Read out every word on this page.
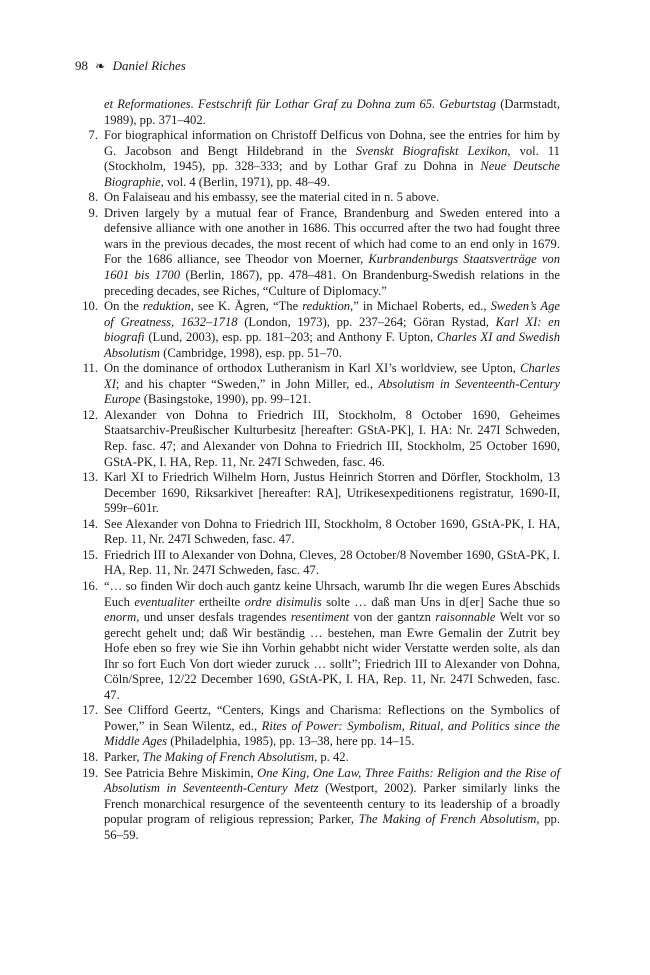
98 ❧ Daniel Riches
et Reformationes. Festschrift für Lothar Graf zu Dohna zum 65. Geburtstag (Darmstadt, 1989), pp. 371–402.
7. For biographical information on Christoff Delficus von Dohna, see the entries for him by G. Jacobson and Bengt Hildebrand in the Svenskt Biografiskt Lexikon, vol. 11 (Stockholm, 1945), pp. 328–333; and by Lothar Graf zu Dohna in Neue Deutsche Biographie, vol. 4 (Berlin, 1971), pp. 48–49.
8. On Falaiseau and his embassy, see the material cited in n. 5 above.
9. Driven largely by a mutual fear of France, Brandenburg and Sweden entered into a defensive alliance with one another in 1686. This occurred after the two had fought three wars in the previous decades, the most recent of which had come to an end only in 1679. For the 1686 alliance, see Theodor von Moerner, Kurbrandenburgs Staatsverträge von 1601 bis 1700 (Berlin, 1867), pp. 478–481. On Brandenburg-Swedish relations in the preceding decades, see Riches, “Culture of Diplomacy.”
10. On the reduktion, see K. Ågren, “The reduktion,” in Michael Roberts, ed., Sweden’s Age of Greatness, 1632–1718 (London, 1973), pp. 237–264; Göran Rystad, Karl XI: en biografi (Lund, 2003), esp. pp. 181–203; and Anthony F. Upton, Charles XI and Swedish Absolutism (Cambridge, 1998), esp. pp. 51–70.
11. On the dominance of orthodox Lutheranism in Karl XI’s worldview, see Upton, Charles XI; and his chapter “Sweden,” in John Miller, ed., Absolutism in Seventeenth-Century Europe (Basingstoke, 1990), pp. 99–121.
12. Alexander von Dohna to Friedrich III, Stockholm, 8 October 1690, Geheimes Staatsarchiv-Preußischer Kulturbesitz [hereafter: GStA-PK], I. HA: Nr. 247I Schweden, Rep. fasc. 47; and Alexander von Dohna to Friedrich III, Stockholm, 25 October 1690, GStA-PK, I. HA, Rep. 11, Nr. 247I Schweden, fasc. 46.
13. Karl XI to Friedrich Wilhelm Horn, Justus Heinrich Storren and Dörfler, Stockholm, 13 December 1690, Riksarkivet [hereafter: RA], Utrikesexpeditionens registratur, 1690-II, 599r–601r.
14. See Alexander von Dohna to Friedrich III, Stockholm, 8 October 1690, GStA-PK, I. HA, Rep. 11, Nr. 247I Schweden, fasc. 47.
15. Friedrich III to Alexander von Dohna, Cleves, 28 October/8 November 1690, GStA-PK, I. HA, Rep. 11, Nr. 247I Schweden, fasc. 47.
16. “… so finden Wir doch auch gantz keine Uhrsach, warumb Ihr die wegen Eures Abschids Euch eventualiter ertheilte ordre disimulis solte … daß man Uns in d[er] Sache thue so enorm, und unser desfals tragendes resentiment von der gantzn raisonnable Welt vor so gerecht gehelt und; daß Wir beständig … bestehen, man Ewre Gemalin der Zutrit bey Hofe eben so frey wie Sie ihn Vorhin gehabbt nicht wider Verstatte werden solte, als dan Ihr so fort Euch Von dort wieder zuruck … sollt”; Friedrich III to Alexander von Dohna, Cöln/Spree, 12/22 December 1690, GStA-PK, I. HA, Rep. 11, Nr. 247I Schweden, fasc. 47.
17. See Clifford Geertz, “Centers, Kings and Charisma: Reflections on the Symbolics of Power,” in Sean Wilentz, ed., Rites of Power: Symbolism, Ritual, and Politics since the Middle Ages (Philadelphia, 1985), pp. 13–38, here pp. 14–15.
18. Parker, The Making of French Absolutism, p. 42.
19. See Patricia Behre Miskimin, One King, One Law, Three Faiths: Religion and the Rise of Absolutism in Seventeenth-Century Metz (Westport, 2002). Parker similarly links the French monarchical resurgence of the seventeenth century to its leadership of a broadly popular program of religious repression; Parker, The Making of French Absolutism, pp. 56–59.
